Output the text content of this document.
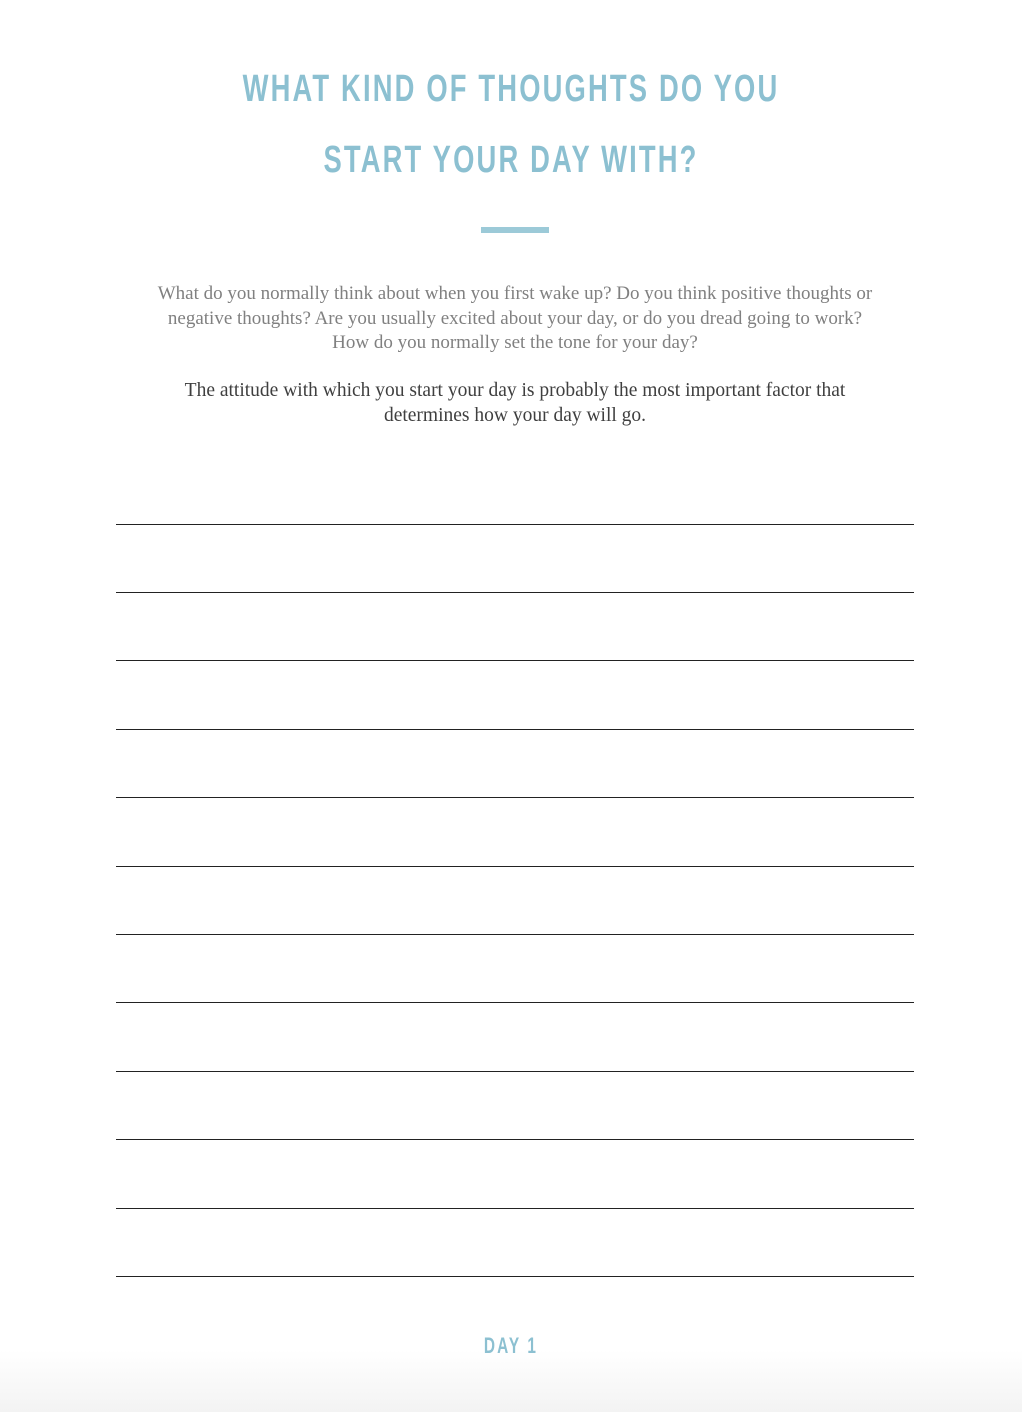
WHAT KIND OF THOUGHTS DO YOU
START YOUR DAY WITH?
What do you normally think about when you first wake up? Do you think positive thoughts or
negative thoughts? Are you usually excited about your day, or do you dread going to work?
How do you normally set the tone for your day?
The attitude with which you start your day is probably the most important factor that
determines how your day will go.
DAY 1
